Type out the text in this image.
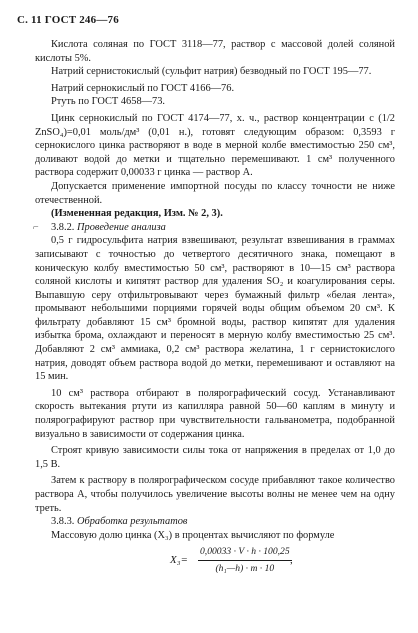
С. 11 ГОСТ 246—76

Кислота соляная по ГОСТ 3118—77, раствор с массовой долей соляной кислоты 5%.

Натрий сернистокислый (сульфит натрия) безводный по ГОСТ 195—77.

Натрий сернокислый по ГОСТ 4166—76.

Ртуть по ГОСТ 4658—73.

Цинк сернокислый по ГОСТ 4174—77, х. ч., раствор концентрации с (1/2 ZnSO₄)=0,01 моль/дм³ (0,01 н.), готовят следующим образом: 0,3593 г сернокислого цинка растворяют в воде в мерной колбе вместимостью 250 см³, доливают водой до метки и тщательно перемешивают. 1 см³ полученного раствора содержит 0,00033 г цинка — раствор А.

Допускается применение импортной посуды по классу точности не ниже отечественной.

(Измененная редакция, Изм. № 2, 3).

⌐ 3.8.2. Проведение анализа

0,5 г гидросульфита натрия взвешивают, результат взвешивания в граммах записывают с точностью до четвертого десятичного знака, помещают в коническую колбу вместимостью 50 см³, растворяют в 10—15 см³ раствора соляной кислоты и кипятят раствор для удаления SO₂ и коагулирования серы. Выпавшую серу отфильтровывают через бумажный фильтр «белая лента», промывают небольшими порциями горячей воды общим объемом 20 см³. К фильтрату добавляют 15 см³ бромной воды, раствор кипятят для удаления избытка брома, охлаждают и переносят в мерную колбу вместимостью 25 см³. Добавляют 2 см³ аммиака, 0,2 см³ раствора желатина, 1 г сернистокислого натрия, доводят объем раствора водой до метки, перемешивают и оставляют на 15 мин.

10 см³ раствора отбирают в полярографический сосуд. Устанавливают скорость вытекания ртути из капилляра равной 50—60 каплям в минуту и полярографируют раствор при чувствительности гальванометра, подобранной визуально в зависимости от содержания цинка.

Строят кривую зависимости силы тока от напряжения в пределах от 1,0 до 1,5 В.

Затем к раствору в полярографическом сосуде прибавляют такое количество раствора А, чтобы получилось увеличение высоты волны не менее чем на одну треть.

3.8.3. Обработка результатов

Массовую долю цинка (X₃) в процентах вычисляют по формуле

$X_3= \frac{0,00033 \cdot V \cdot h \cdot 100,25}{\text{(h₁—h) · m · 10}}$
,
